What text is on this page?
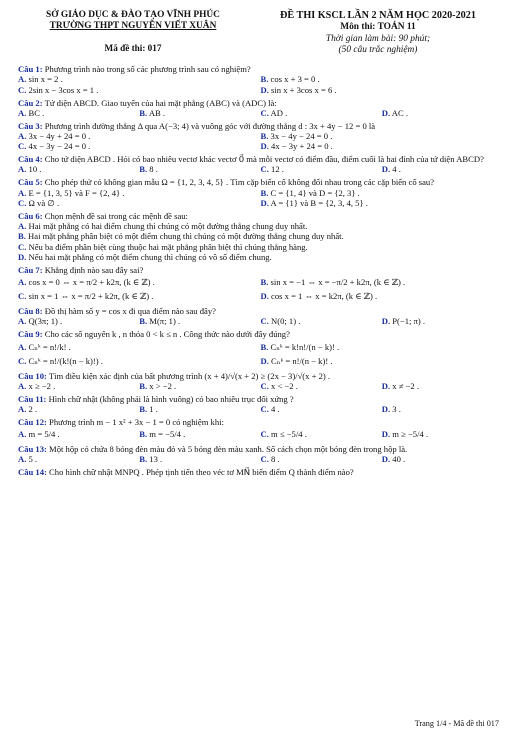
SỞ GIÁO DỤC & ĐÀO TẠO VĨNH PHÚC
TRƯỜNG THPT NGUYỄN VIẾT XUÂN
Mã đề thi: 017
ĐỀ THI KSCL LẦN 2 NĂM HỌC 2020-2021
Môn thi: TOÁN 11
Thời gian làm bài: 90 phút;
(50 câu trắc nghiệm)
Câu 1: Phương trình nào trong số các phương trình sau có nghiệm?
A. sin x = 2 .	B. cos x + 3 = 0 .
C. 2sin x − 3cos x = 1 .	D. sin x + 3cos x = 6 .
Câu 2: Tứ diện ABCD. Giao tuyến của hai mặt phẳng (ABC) và (ADC) là:
A. BC .	B. AB .	C. AD .	D. AC .
Câu 3: Phương trình đường thẳng Δ qua A(−3; 4) và vuông góc với đường thẳng d : 3x + 4y − 12 = 0 là
A. 3x − 4y + 24 = 0 .	B. 3x − 4y − 24 = 0 .
C. 4x − 3y − 24 = 0 .	D. 4x − 3y + 24 = 0 .
Câu 4: Cho tứ diện ABCD . Hỏi có bao nhiêu vectơ khác vectơ 0⃗ mà mỗi vectơ có điểm đầu, điểm cuối là hai đỉnh của tứ diện ABCD?
A. 10 .	B. 8 .	C. 12 .	D. 4 .
Câu 5: Cho phép thử có không gian mẫu Ω = {1, 2, 3, 4, 5} . Tìm cặp biến cố không đối nhau trong các cặp biến cố sau?
A. E = {1, 3, 5} và F = {2, 4} .	B. C = {1, 4} và D = {2, 3} .
C. Ω và ∅ .	D. A = {1} và B = {2, 3, 4, 5} .
Câu 6: Chọn mệnh đề sai trong các mệnh đề sau:
A. Hai mặt phẳng có hai điểm chung thì chúng có một đường thẳng chung duy nhất.
B. Hai mặt phẳng phân biệt có một điểm chung thì chúng có một đường thẳng chung duy nhất.
C. Nếu ba điểm phân biệt cùng thuộc hai mặt phẳng phân biệt thì chúng thẳng hàng.
D. Nếu hai mặt phẳng có một điểm chung thì chúng có vô số điểm chung.
Câu 7: Khẳng định nào sau đây sai?
A. cos x = 0 ⇔ x = π/2 + k2π, (k ∈ ℤ) .	B. sin x = −1 ⇔ x = −π/2 + k2π, (k ∈ ℤ) .
C. sin x = 1 ⇔ x = π/2 + k2π, (k ∈ ℤ) .	D. cos x = 1 ⇔ x = k2π, (k ∈ ℤ) .
Câu 8: Đồ thị hàm số y = cos x đi qua điểm nào sau đây?
A. Q(3π; 1) .	B. M(π; 1) .	C. N(0; 1) .	D. P(−1; π) .
Câu 9: Cho các số nguyên k , n thỏa 0 < k ≤ n . Công thức nào dưới đây đúng?
A. Cₙᵏ = n!/k! .	B. Cₙᵏ = k!n!/(n − k)! .
C. Cₙᵏ = n!/(k!(n − k)!) .	D. Cₙᵏ = n!/(n − k)! .
Câu 10: Tìm điều kiện xác định của bất phương trình (x + 4)/√(x + 2) ≥ (2x − 3)/√(x + 2) .
A. x ≥ −2 .	B. x > −2 .	C. x < −2 .	D. x ≠ −2 .
Câu 11: Hình chữ nhật (không phải là hình vuông) có bao nhiêu trục đối xứng ?
A. 2 .	B. 1 .	C. 4 .	D. 3 .
Câu 12: Phương trình m − 1 x² + 3x − 1 = 0 có nghiệm khi:
A. m = 5/4 .	B. m = −5/4 .	C. m ≤ −5/4 .	D. m ≥ −5/4 .
Câu 13: Một hộp có chứa 8 bóng đèn màu đỏ và 5 bóng đèn màu xanh. Số cách chọn một bóng đèn trong hộp là.
A. 5 .	B. 13 .	C. 8 .	D. 40 .
Câu 14: Cho hình chữ nhật MNPQ . Phép tịnh tiến theo véc tơ MN⃗ biến điểm Q thành điểm nào?
Trang 1/4 - Mã đề thi 017
